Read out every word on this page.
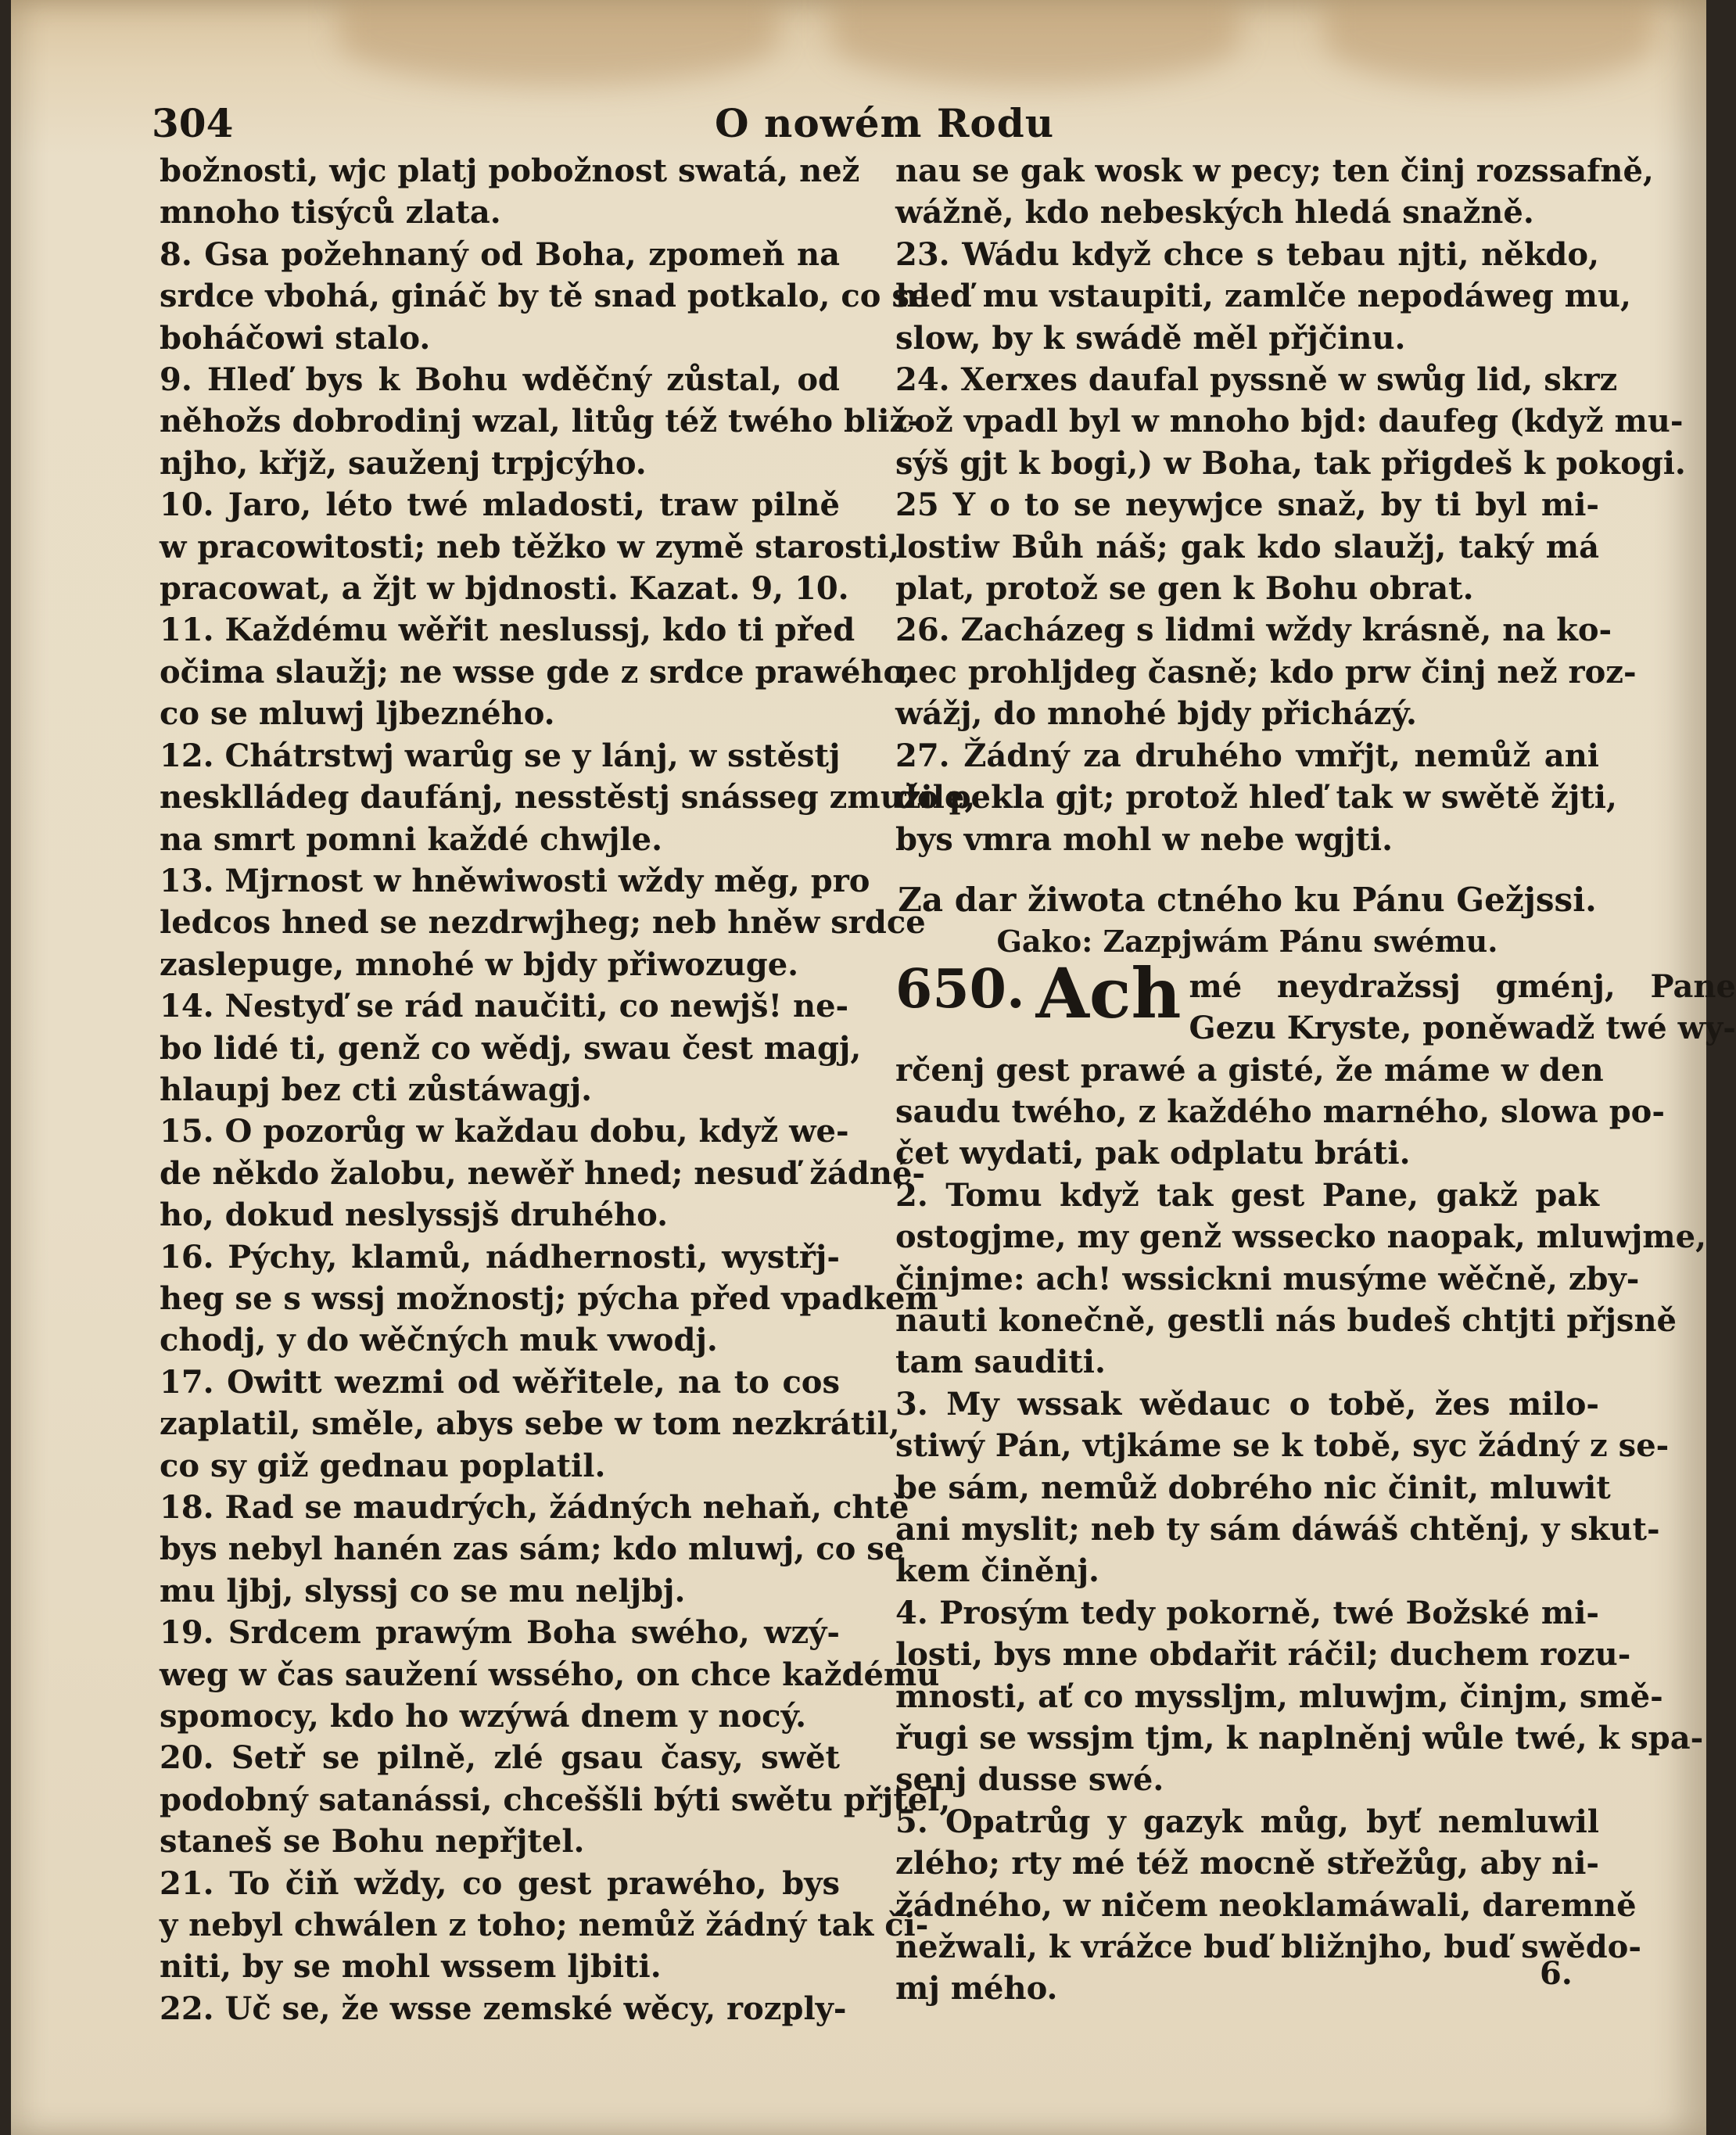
304	O nowém Rodu
božnosti, wjc platj pobožnost swatá, než
mnoho tisýců zlata.
8. Gsa požehnaný od Boha, zpomeň na
srdce vbohá, gináč by tě snad potkalo, co se
boháčowi stalo.
9. Hleď bys k Bohu wděčný zůstal, od
něhožs dobrodinj wzal, litůg též twého bliž-
njho, křjž, sauženj trpjcýho.
10. Jaro, léto twé mladosti, traw pilně
w pracowitosti; neb těžko w zymě starosti,
pracowat, a žjt w bjdnosti. Kazat. 9, 10.
11. Každému wěřit neslussj, kdo ti před
očima slaužj; ne wsse gde z srdce prawého,
co se mluwj ljbezného.
12. Chátrstwj warůg se y lánj, w sstěstj
nesklládeg daufánj, nesstěstj snásseg zmužile,
na smrt pomni každé chwjle.
13. Mjrnost w hněwiwosti wždy měg, pro
ledcos hned se nezdrwjheg; neb hněw srdce
zaslepuge, mnohé w bjdy přiwozuge.
14. Nestyď se rád naučiti, co newjš! ne-
bo lidé ti, genž co wědj, swau čest magj,
hlaupj bez cti zůstáwagj.
15. O pozorůg w každau dobu, když we-
de někdo žalobu, newěř hned; nesuď žádné-
ho, dokud neslyssjš druhého.
16. Pýchy, klamů, nádhernosti, wystřj-
heg se s wssj možnostj; pýcha před vpadkem
chodj, y do wěčných muk vwodj.
17. Owitt wezmi od wěřitele, na to cos
zaplatil, směle, abys sebe w tom nezkrátil,
co sy giž gednau poplatil.
18. Rad se maudrých, žádných nehaň, chtě
bys nebyl hanén zas sám; kdo mluwj, co se
mu ljbj, slyssj co se mu neljbj.
19. Srdcem prawým Boha swého, wzý-
weg w čas saužení wssého, on chce každému
spomocy, kdo ho wzýwá dnem y nocý.
20. Setř se pilně, zlé gsau časy, swět
podobný satanássi, chceššli býti swětu přjtel,
staneš se Bohu nepřjtel.
21. To čiň wždy, co gest prawého, bys
y nebyl chwálen z toho; nemůž žádný tak či-
niti, by se mohl wssem ljbiti.
22. Uč se, že wsse zemské wěcy, rozply-
nau se gak wosk w pecy; ten činj rozssafně,
wážně, kdo nebeských hledá snažně.
23. Wádu když chce s tebau njti, někdo,
hleď mu vstaupiti, zamlče nepodáweg mu,
slow, by k swádě měl přjčinu.
24. Xerxes daufal pyssně w swůg lid, skrz
což vpadl byl w mnoho bjd: daufeg (když mu-
sýš gjt k bogi,) w Boha, tak přigdeš k pokogi.
25 Y o to se neywjce snaž, by ti byl mi-
lostiw Bůh náš; gak kdo slaužj, taký má
plat, protož se gen k Bohu obrat.
26. Zacházeg s lidmi wždy krásně, na ko-
nec prohljdeg časně; kdo prw činj než roz-
wážj, do mnohé bjdy přicházý.
27. Žádný za druhého vmřjt, nemůž ani
do pekla gjt; protož hleď tak w swětě žjti,
bys vmra mohl w nebe wgjti.
Za dar žiwota ctného ku Pánu Gežjssi.
Gako: Zazpjwám Pánu swému.
650. Ach mé neydražssj gménj, Pane
Gezu Kryste, poněwadž twé wy-
rčenj gest prawé a gisté, že máme w den
saudu twého, z každého marného, slowa po-
čet wydati, pak odplatu bráti.
2. Tomu když tak gest Pane, gakž pak
ostogjme, my genž wssecko naopak, mluwjme,
činjme: ach! wssickni musýme wěčně, zby-
nauti konečně, gestli nás budeš chtjti přjsně
tam sauditi.
3. My wssak wědauc o tobě, žes milo-
stiwý Pán, vtjkáme se k tobě, syc žádný z se-
be sám, nemůž dobrého nic činit, mluwit
ani myslit; neb ty sám dáwáš chtěnj, y skut-
kem činěnj.
4. Prosým tedy pokorně, twé Božské mi-
losti, bys mne obdařit ráčil; duchem rozu-
mnosti, ať co myssljm, mluwjm, činjm, smě-
řugi se wssjm tjm, k naplněnj wůle twé, k spa-
senj dusse swé.
5. Opatrůg y gazyk můg, byť nemluwil
zlého; rty mé též mocně střežůg, aby ni-
žádného, w ničem neoklamáwali, daremně
nežwali, k vrážce buď bližnjho, buď swědo-
mj mého.	6.
